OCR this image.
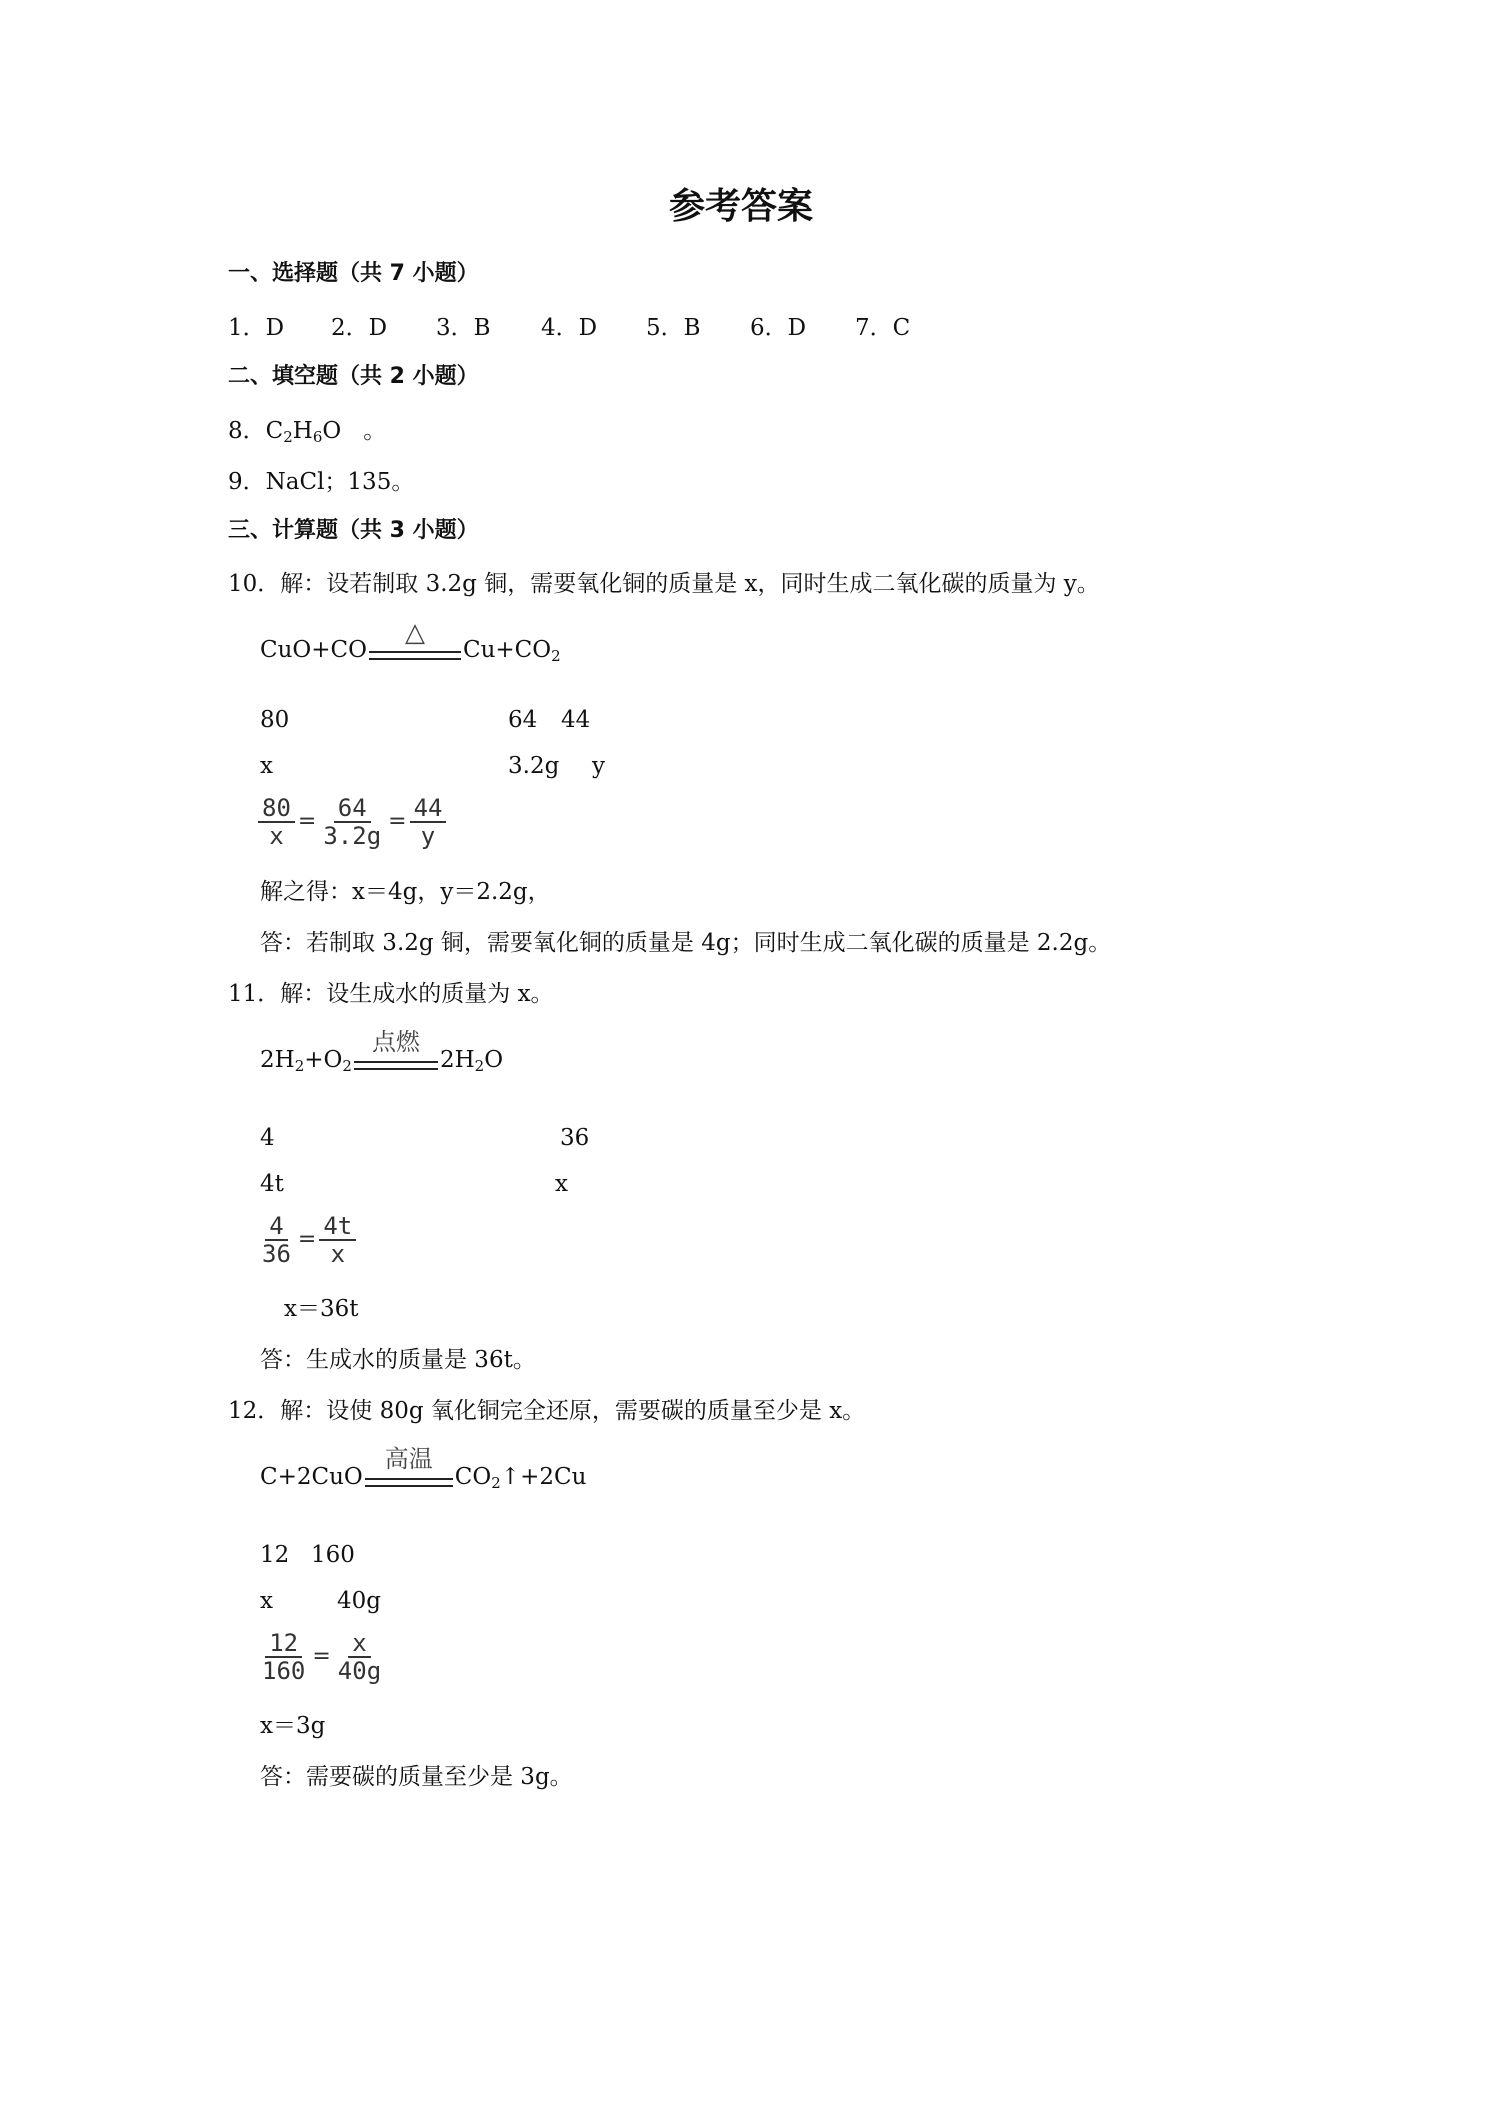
参考答案
一、选择题（共 7 小题）
1．D 2．D 3．B 4．D 5．B 6．D 7．C
二、填空题（共 2 小题）
8．$C_2H_6O$ 。
9．NaCl；135。
三、计算题（共 3 小题）
10．解：设若制取 3.2g 铜，需要氧化铜的质量是 x，同时生成二氧化碳的质量为 y。
CuO+CO
△
$Cu+CO_2$
80	64 44
x	3.2g y
$\frac{80}{x} = \frac{64}{3.2g} = \frac{44}{y}$
解之得：x＝4g，y＝2.2g，
答：若制取 3.2g 铜，需要氧化铜的质量是 4g；同时生成二氧化碳的质量是 2.2g。
11．解：设生成水的质量为 x。
$2H_2+O_2$
点燃
$2H_2O$
4	36
4t	x
$\frac{4}{36} = \frac{4t}{x}$
x＝36t
答：生成水的质量是 36t。
12．解：设使 80g 氧化铜完全还原，需要碳的质量至少是 x。
C+2CuO
高温
$CO_2↑+2Cu$
12 160
x	40g
$\frac{12}{160} = \frac{x}{40g}$
x＝3g
答：需要碳的质量至少是 3g。
